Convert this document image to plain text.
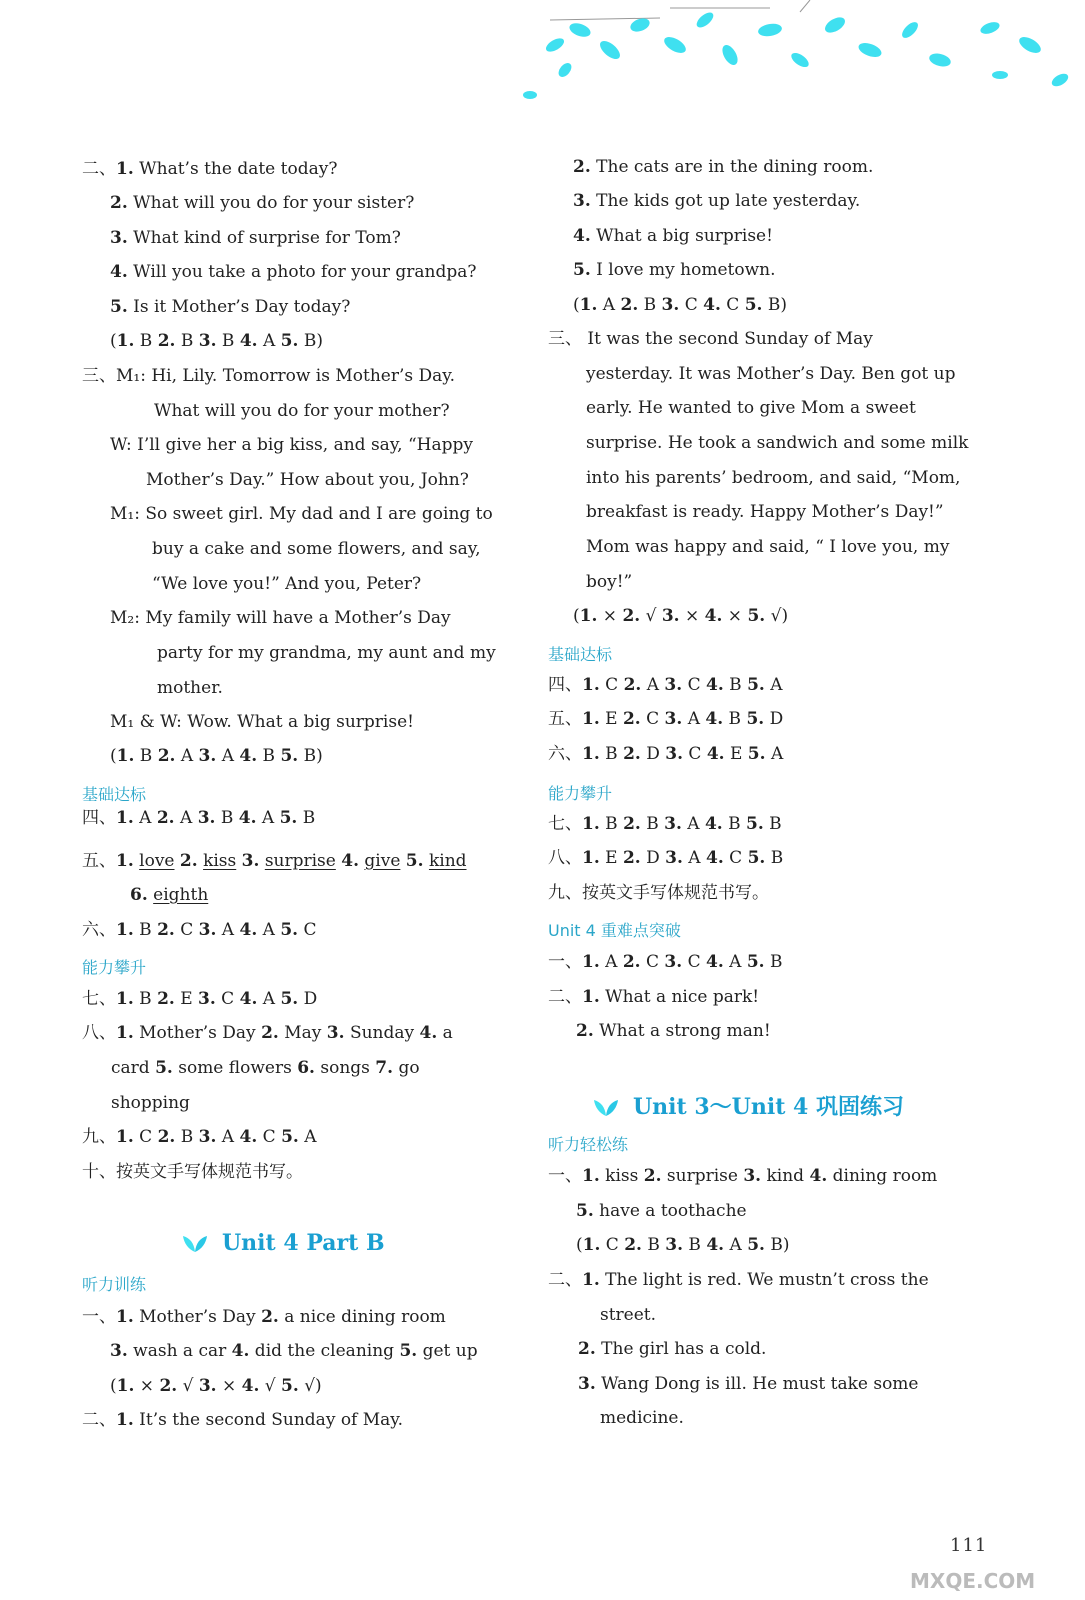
二、1. What’s the date today?
2. What will you do for your sister?
3. What kind of surprise for Tom?
4. Will you take a photo for your grandpa?
5. Is it Mother’s Day today?
(1. B 2. B 3. B 4. A 5. B)
三、M₁: Hi, Lily. Tomorrow is Mother’s Day.
What will you do for your mother?
W: I’ll give her a big kiss, and say, “Happy
Mother’s Day.” How about you, John?
M₁: So sweet girl. My dad and I are going to
buy a cake and some flowers, and say,
“We love you!” And you, Peter?
M₂: My family will have a Mother’s Day
party for my grandma, my aunt and my
mother.
M₁ & W: Wow. What a big surprise!
(1. B 2. A 3. A 4. B 5. B)
四、1. A 2. A 3. B 4. A 5. B
五、1. love 2. kiss 3. surprise 4. give 5. kind
6. eighth
六、1. B 2. C 3. A 4. A 5. C
七、1. B 2. E 3. C 4. A 5. D
八、1. Mother’s Day 2. May 3. Sunday 4. a
card 5. some flowers 6. songs 7. go
shopping
九、1. C 2. B 3. A 4. C 5. A
十、按英文手写体规范书写。
一、1. Mother’s Day 2. a nice dining room
3. wash a car 4. did the cleaning 5. get up
(1. × 2. √ 3. × 4. √ 5. √)
二、1. It’s the second Sunday of May.
基础达标
能力攀升
听力训练
Unit 4 Part B
2. The cats are in the dining room.
3. The kids got up late yesterday.
4. What a big surprise!
5. I love my hometown.
(1. A 2. B 3. C 4. C 5. B)
三、 It was the second Sunday of May
yesterday. It was Mother’s Day. Ben got up
early. He wanted to give Mom a sweet
surprise. He took a sandwich and some milk
into his parents’ bedroom, and said, “Mom,
breakfast is ready. Happy Mother’s Day!”
Mom was happy and said, “ I love you, my
boy!”
(1. × 2. √ 3. × 4. × 5. √)
四、1. C 2. A 3. C 4. B 5. A
五、1. E 2. C 3. A 4. B 5. D
六、1. B 2. D 3. C 4. E 5. A
七、1. B 2. B 3. A 4. B 5. B
八、1. E 2. D 3. A 4. C 5. B
九、按英文手写体规范书写。
一、1. A 2. C 3. C 4. A 5. B
二、1. What a nice park!
2. What a strong man!
一、1. kiss 2. surprise 3. kind 4. dining room
5. have a toothache
(1. C 2. B 3. B 4. A 5. B)
二、1. The light is red. We mustn’t cross the
street.
2. The girl has a cold.
3. Wang Dong is ill. He must take some
medicine.
基础达标
能力攀升
Unit 4 重难点突破
听力轻松练
Unit 3～Unit 4 巩固练习
111
MXQE.COM
